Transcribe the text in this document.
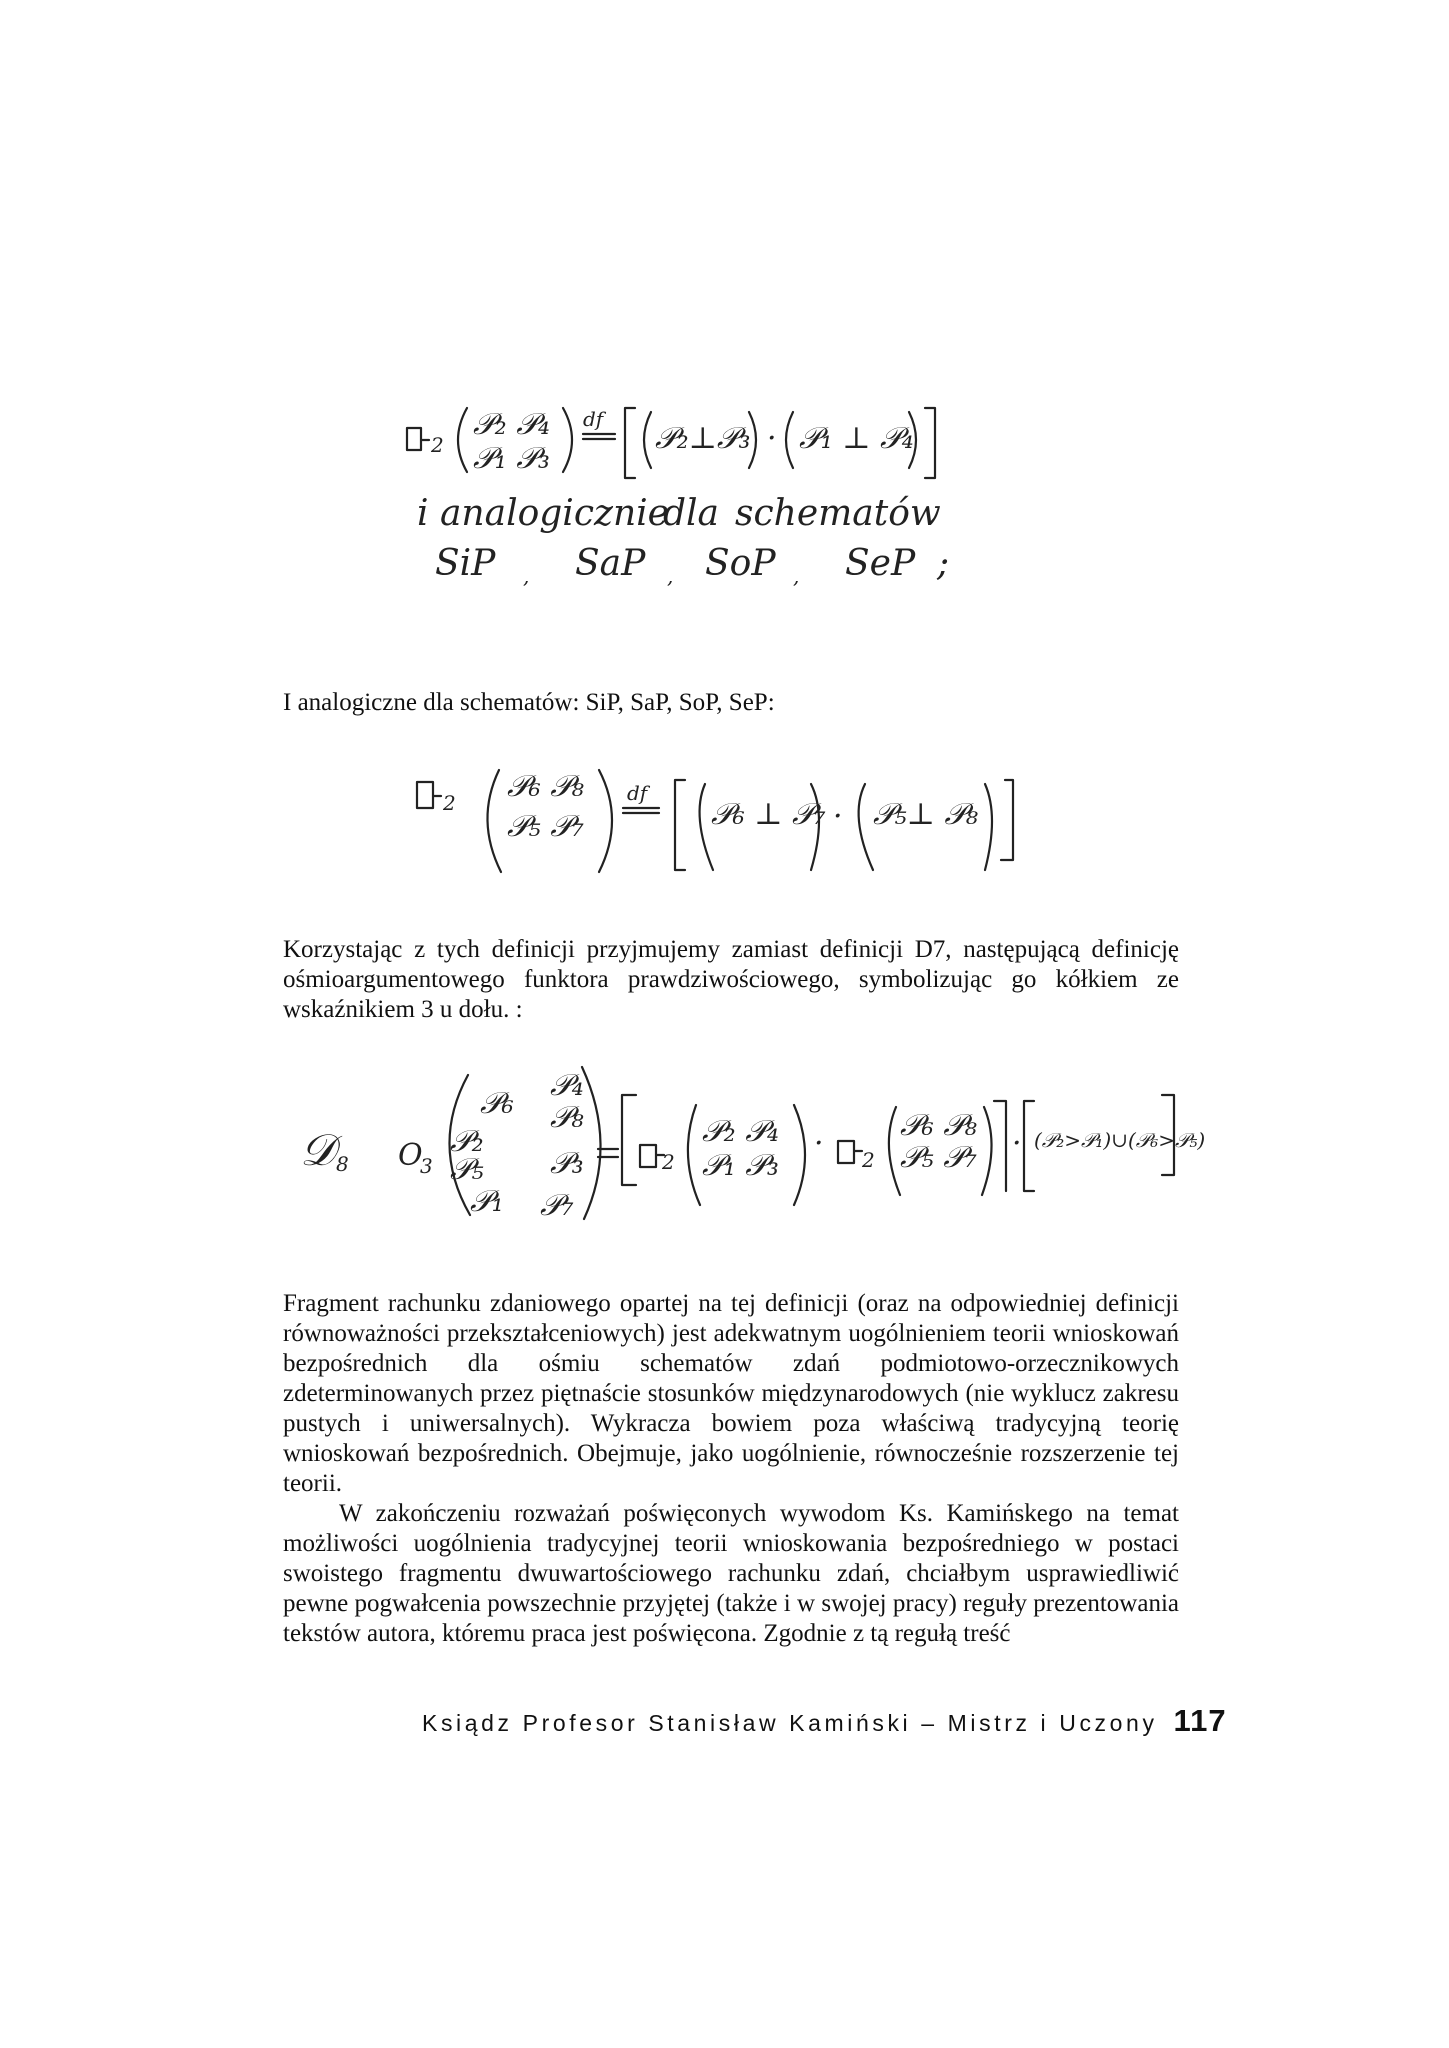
2
𝒫₂ 𝒫₄
𝒫₁ 𝒫₃
df
𝒫₂⊥𝒫₃ · 𝒫₁ ⊥ 𝒫₄
i analogicznie
dla schematów
SiP , SaP , SoP , SeP ;
I analogiczne dla schematów: SiP, SaP, SoP, SeP:
2 𝒫₆ 𝒫₈
𝒫₅ 𝒫₇
df
𝒫₆ ⊥ 𝒫₇ · 𝒫₅⊥ 𝒫₈

Korzystając z tych definicji przyjmujemy zamiast definicji D7, następującą definicję ośmioargumentowego funktora prawdziwościowego, symbolizując go kółkiem ze wskaźnikiem 3 u dołu. :

𝒟 8 O
3
𝒫₆
𝒫₄
𝒫₈
𝒫₂
𝒫₅ 𝒫₃
𝒫₁ 𝒫₇
2
𝒫₂ 𝒫₄
𝒫₁ 𝒫₃
· 2
𝒫₆ 𝒫₈
𝒫₅ 𝒫₇ · (𝒫₂>𝒫₁)∪(𝒫₆>𝒫₅)

Fragment rachunku zdaniowego opartej na tej definicji (oraz na odpowiedniej definicji równoważności przekształceniowych) jest adekwatnym uogólnieniem teorii wnioskowań bezpośrednich dla ośmiu schematów zdań podmiotowo-orzecznikowych zdeterminowanych przez piętnaście stosunków międzynarodowych (nie wyklucz zakresu pustych i uniwersalnych). Wykracza bowiem poza właściwą tradycyjną teorię wnioskowań bezpośrednich. Obejmuje, jako uogólnienie, równocześnie rozszerzenie tej teorii.

W zakończeniu rozważań poświęconych wywodom Ks. Kamińskego na temat możliwości uogólnienia tradycyjnej teorii wnioskowania bezpośredniego w postaci swoistego fragmentu dwuwartościowego rachunku zdań, chciałbym usprawiedliwić pewne pogwałcenia powszechnie przyjętej (także i w swojej pracy) reguły prezentowania tekstów autora, któremu praca jest poświęcona. Zgodnie z tą regułą treść

Ksiądz Profesor Stanisław Kamiński – Mistrz i Uczony 117
